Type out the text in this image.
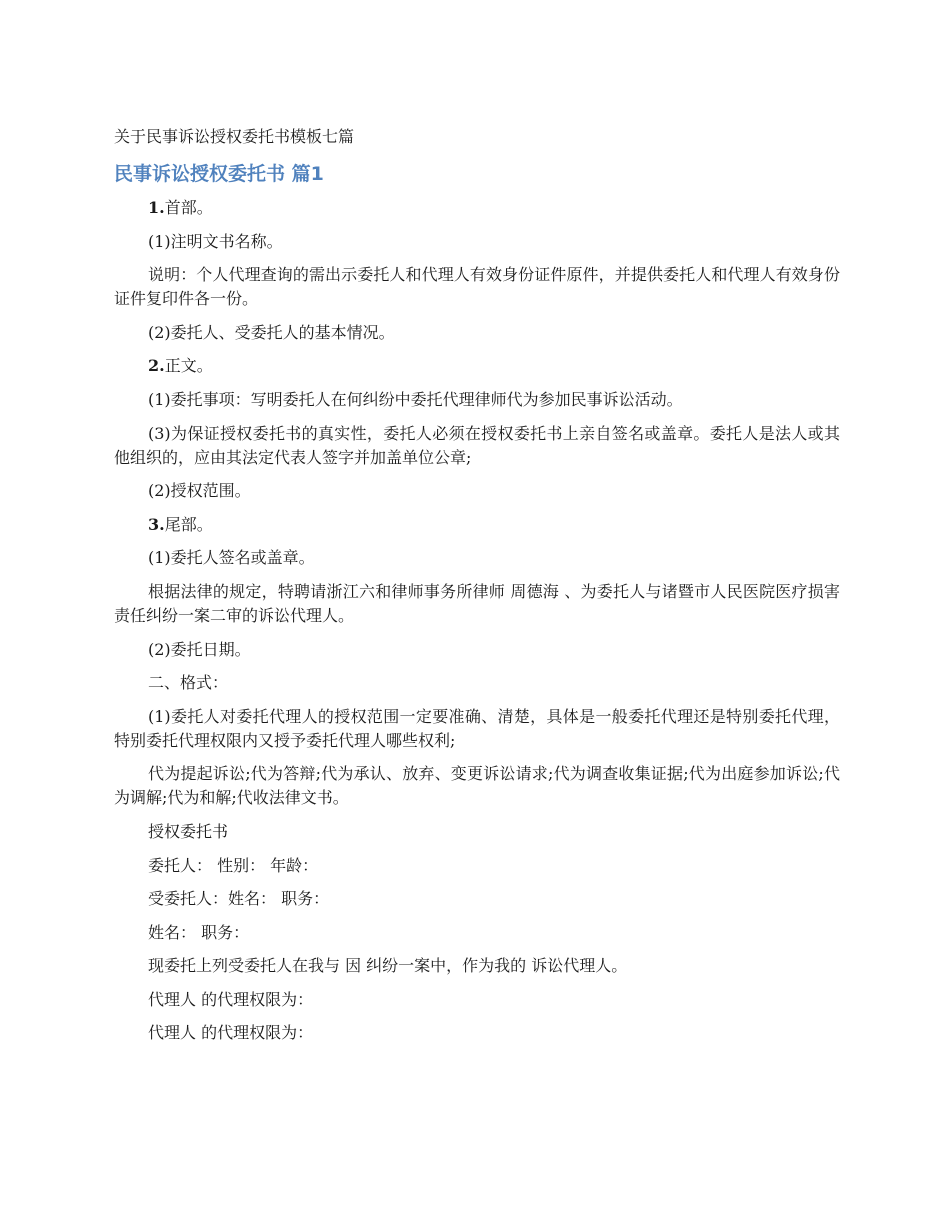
关于民事诉讼授权委托书模板七篇
民事诉讼授权委托书 篇1

1.首部。

(1)注明文书名称。

说明：个人代理查询的需出示委托人和代理人有效身份证件原件，并提供委托人和代理人有效身份证件复印件各一份。

(2)委托人、受委托人的基本情况。

2.正文。

(1)委托事项：写明委托人在何纠纷中委托代理律师代为参加民事诉讼活动。

(3)为保证授权委托书的真实性，委托人必须在授权委托书上亲自签名或盖章。委托人是法人或其他组织的，应由其法定代表人签字并加盖单位公章;

(2)授权范围。

3.尾部。

(1)委托人签名或盖章。

根据法律的规定，特聘请浙江六和律师事务所律师 周德海 、为委托人与诸暨市人民医院医疗损害责任纠纷一案二审的诉讼代理人。

(2)委托日期。

二、格式：

(1)委托人对委托代理人的授权范围一定要准确、清楚，具体是一般委托代理还是特别委托代理，特别委托代理权限内又授予委托代理人哪些权利;

代为提起诉讼;代为答辩;代为承认、放弃、变更诉讼请求;代为调查收集证据;代为出庭参加诉讼;代为调解;代为和解;代收法律文书。

授权委托书

委托人： 性别： 年龄：

受委托人：姓名： 职务：

姓名： 职务：

现委托上列受委托人在我与 因 纠纷一案中，作为我的 诉讼代理人。

代理人 的代理权限为：

代理人 的代理权限为：
